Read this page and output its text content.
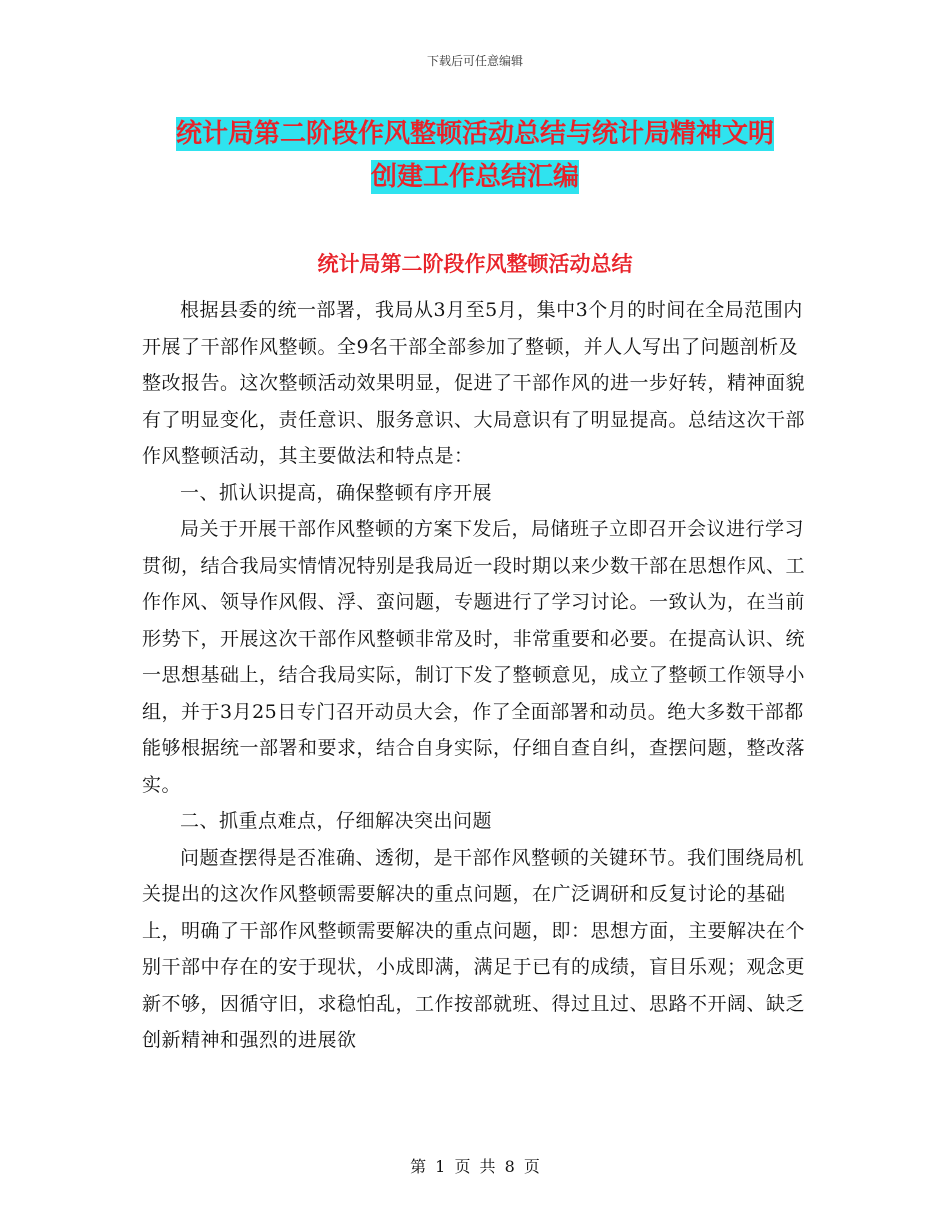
下载后可任意编辑
统计局第二阶段作风整顿活动总结与统计局精神文明
创建工作总结汇编
统计局第二阶段作风整顿活动总结

根据县委的统一部署，我局从3月至5月，集中3个月的时间在全局范围内开展了干部作风整顿。全9名干部全部参加了整顿，并人人写出了问题剖析及整改报告。这次整顿活动效果明显，促进了干部作风的进一步好转，精神面貌有了明显变化，责任意识、服务意识、大局意识有了明显提高。总结这次干部作风整顿活动，其主要做法和特点是：

一、抓认识提高，确保整顿有序开展

局关于开展干部作风整顿的方案下发后，局储班子立即召开会议进行学习贯彻，结合我局实情情况特别是我局近一段时期以来少数干部在思想作风、工作作风、领导作风假、浮、蛮问题，专题进行了学习讨论。一致认为，在当前形势下，开展这次干部作风整顿非常及时，非常重要和必要。在提高认识、统一思想基础上，结合我局实际，制订下发了整顿意见，成立了整顿工作领导小组，并于3月25日专门召开动员大会，作了全面部署和动员。绝大多数干部都能够根据统一部署和要求，结合自身实际，仔细自查自纠，查摆问题，整改落实。

二、抓重点难点，仔细解决突出问题

问题查摆得是否准确、透彻，是干部作风整顿的关键环节。我们围绕局机关提出的这次作风整顿需要解决的重点问题，在广泛调研和反复讨论的基础上，明确了干部作风整顿需要解决的重点问题，即：思想方面，主要解决在个别干部中存在的安于现状，小成即满，满足于已有的成绩，盲目乐观；观念更新不够，因循守旧，求稳怕乱，工作按部就班、得过且过、思路不开阔、缺乏创新精神和强烈的进展欲

第 1 页 共 8 页
